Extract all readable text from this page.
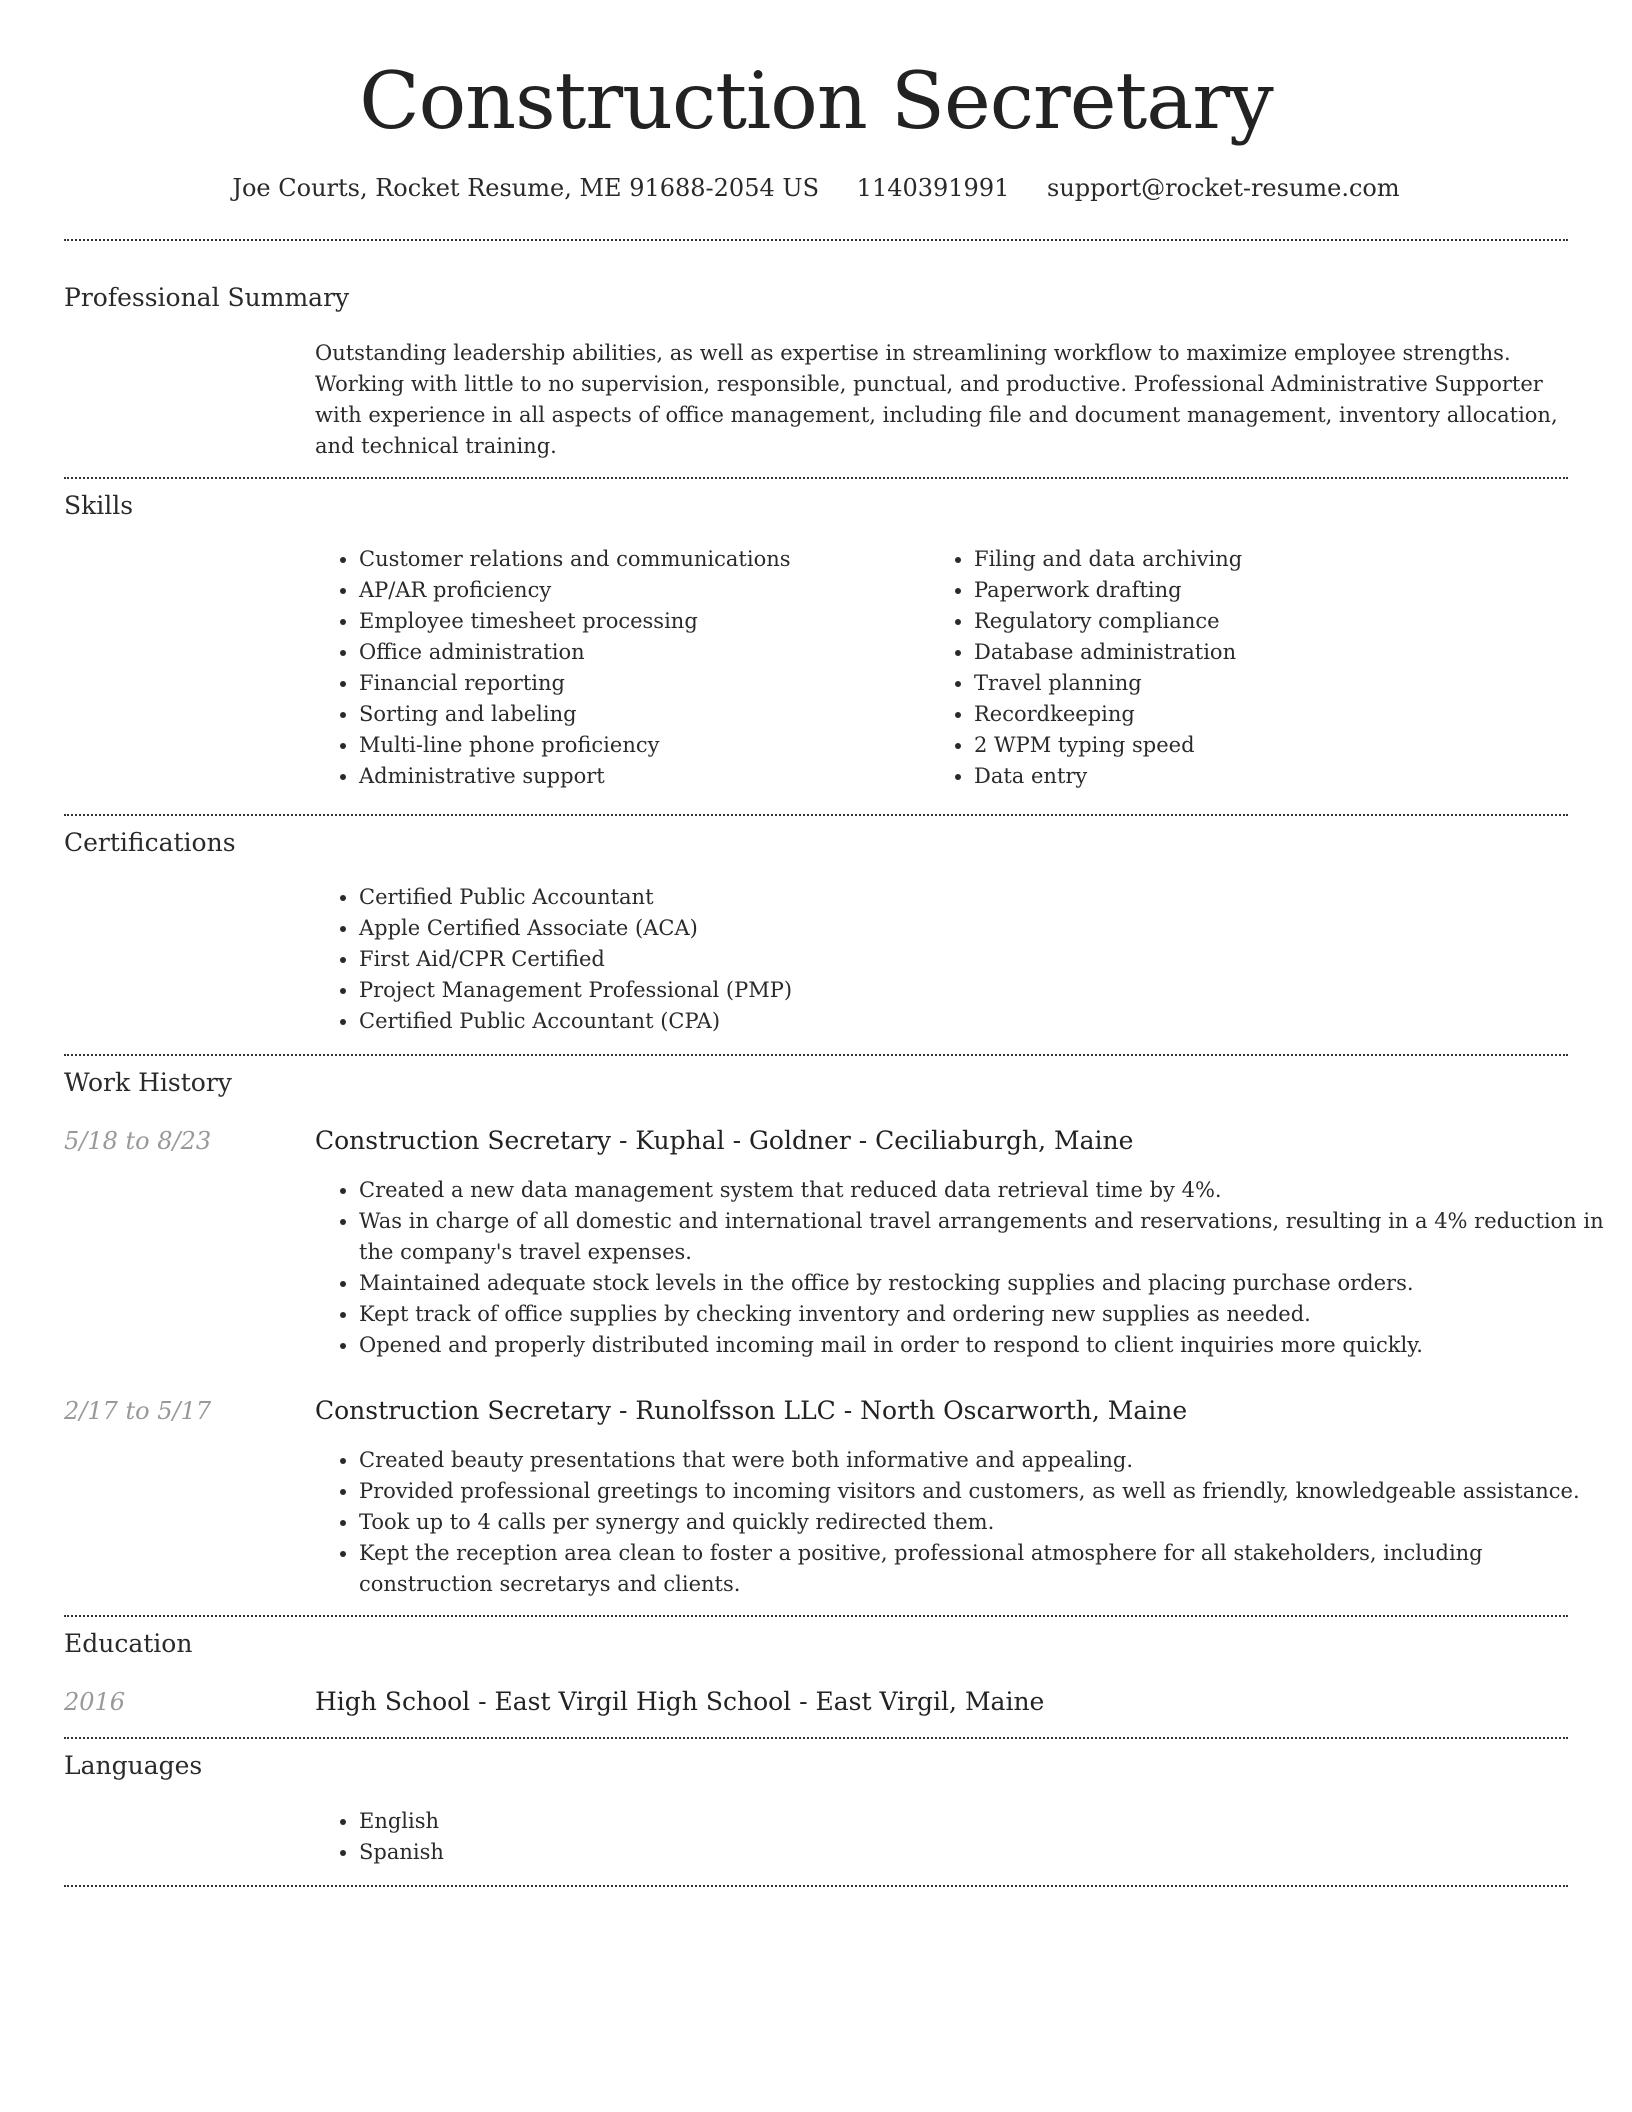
Construction Secretary
Joe Courts, Rocket Resume, ME 91688-2054 US 1140391991 support@rocket-resume.com
Professional Summary

Outstanding leadership abilities, as well as expertise in streamlining workflow to maximize employee strengths. Working with little to no supervision, responsible, punctual, and productive. Professional Administrative Supporter with experience in all aspects of office management, including file and document management, inventory allocation, and technical training.

Skills
• Customer relations and communications
• AP/AR proficiency
• Employee timesheet processing
• Office administration
• Financial reporting
• Sorting and labeling
• Multi-line phone proficiency
• Administrative support
• Filing and data archiving
• Paperwork drafting
• Regulatory compliance
• Database administration
• Travel planning
• Recordkeeping
• 2 WPM typing speed
• Data entry
Certifications
• Certified Public Accountant
• Apple Certified Associate (ACA)
• First Aid/CPR Certified
• Project Management Professional (PMP)
• Certified Public Accountant (CPA)
Work History
5/18 to 8/23	Construction Secretary - Kuphal - Goldner - Ceciliaburgh, Maine
• Created a new data management system that reduced data retrieval time by 4%.
• Was in charge of all domestic and international travel arrangements and reservations, resulting in a 4% reduction in the company's travel expenses.
• Maintained adequate stock levels in the office by restocking supplies and placing purchase orders.
• Kept track of office supplies by checking inventory and ordering new supplies as needed.
• Opened and properly distributed incoming mail in order to respond to client inquiries more quickly.
2/17 to 5/17	Construction Secretary - Runolfsson LLC - North Oscarworth, Maine
• Created beauty presentations that were both informative and appealing.
• Provided professional greetings to incoming visitors and customers, as well as friendly, knowledgeable assistance.
• Took up to 4 calls per synergy and quickly redirected them.
• Kept the reception area clean to foster a positive, professional atmosphere for all stakeholders, including construction secretarys and clients.
Education
2016	High School - East Virgil High School - East Virgil, Maine
Languages
• English
• Spanish
